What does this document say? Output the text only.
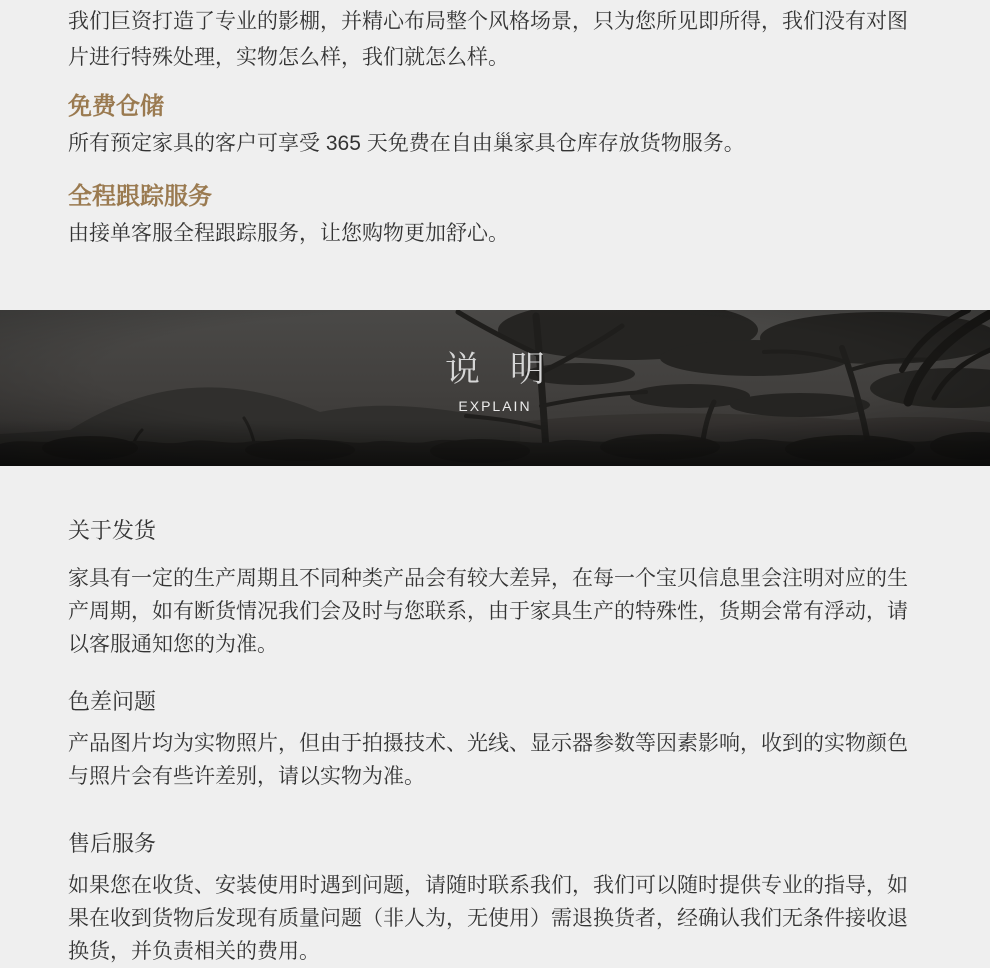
我们巨资打造了专业的影棚，并精心布局整个风格场景，只为您所见即所得，我们没有对图片进行特殊处理，实物怎么样，我们就怎么样。

免费仓储

所有预定家具的客户可享受 365 天免费在自由巢家具仓库存放货物服务。

全程跟踪服务

由接单客服全程跟踪服务，让您购物更加舒心。

说明
EXPLAIN
关于发货

家具有一定的生产周期且不同种类产品会有较大差异，在每一个宝贝信息里会注明对应的生产周期，如有断货情况我们会及时与您联系，由于家具生产的特殊性，货期会常有浮动，请以客服通知您的为准。

色差问题

产品图片均为实物照片，但由于拍摄技术、光线、显示器参数等因素影响，收到的实物颜色与照片会有些许差别，请以实物为准。

售后服务

如果您在收货、安装使用时遇到问题，请随时联系我们，我们可以随时提供专业的指导，如果在收到货物后发现有质量问题（非人为，无使用）需退换货者，经确认我们无条件接收退换货，并负责相关的费用。
